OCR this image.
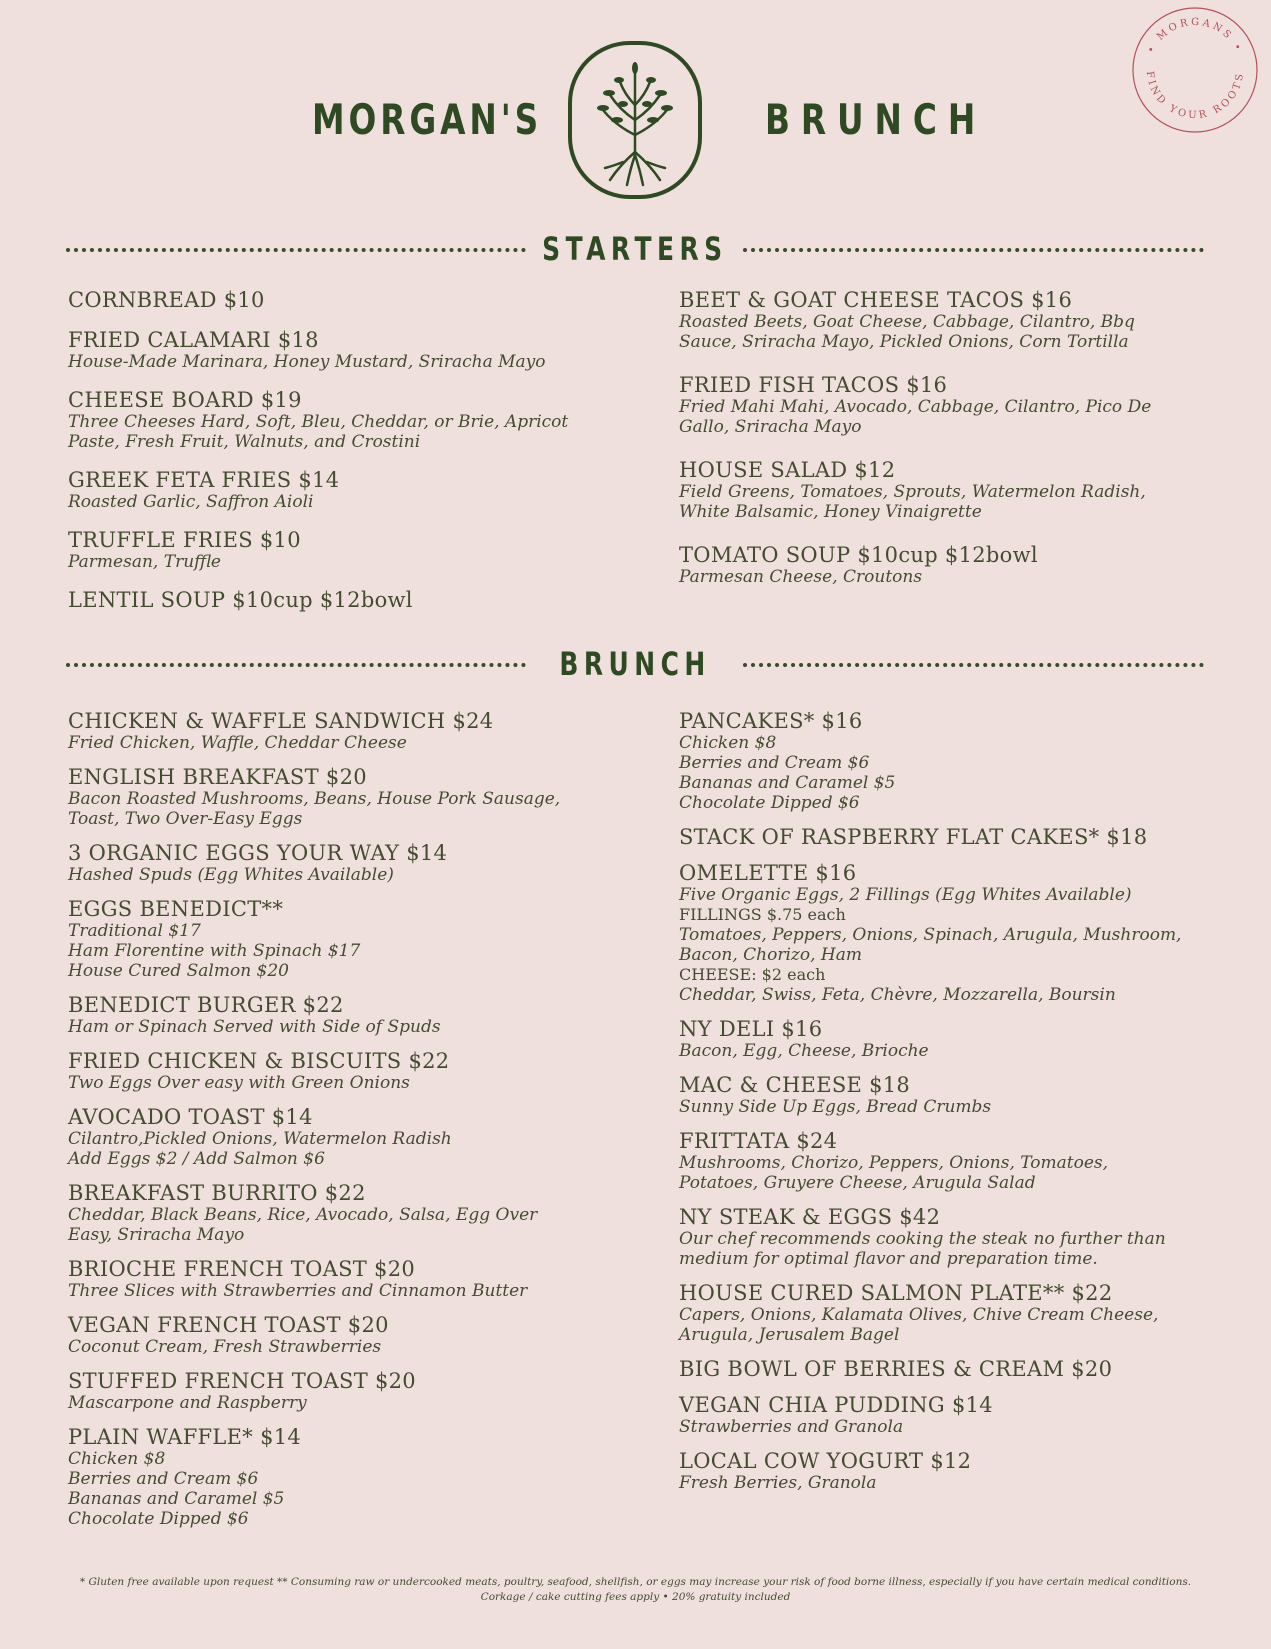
MORGAN'S	BRUNCH
• MORGANS •
FIND YOUR ROOTS
STARTERS
CORNBREAD $10
FRIED CALAMARI $18
House-Made Marinara, Honey Mustard, Sriracha Mayo
CHEESE BOARD $19
Three Cheeses Hard, Soft, Bleu, Cheddar, or Brie, Apricot
Paste, Fresh Fruit, Walnuts, and Crostini
GREEK FETA FRIES $14
Roasted Garlic, Saffron Aioli
TRUFFLE FRIES $10
Parmesan, Truffle
LENTIL SOUP $10cup $12bowl
BEET & GOAT CHEESE TACOS $16
Roasted Beets, Goat Cheese, Cabbage, Cilantro, Bbq
Sauce, Sriracha Mayo, Pickled Onions, Corn Tortilla
FRIED FISH TACOS $16
Fried Mahi Mahi, Avocado, Cabbage, Cilantro, Pico De
Gallo, Sriracha Mayo
HOUSE SALAD $12
Field Greens, Tomatoes, Sprouts, Watermelon Radish,
White Balsamic, Honey Vinaigrette
TOMATO SOUP $10cup $12bowl
Parmesan Cheese, Croutons
BRUNCH
CHICKEN & WAFFLE SANDWICH $24
Fried Chicken, Waffle, Cheddar Cheese
ENGLISH BREAKFAST $20
Bacon Roasted Mushrooms, Beans, House Pork Sausage,
Toast, Two Over-Easy Eggs
3 ORGANIC EGGS YOUR WAY $14
Hashed Spuds (Egg Whites Available)
EGGS BENEDICT**
Traditional $17
Ham Florentine with Spinach $17
House Cured Salmon $20
BENEDICT BURGER $22
Ham or Spinach Served with Side of Spuds
FRIED CHICKEN & BISCUITS $22
Two Eggs Over easy with Green Onions
AVOCADO TOAST $14
Cilantro,Pickled Onions, Watermelon Radish
Add Eggs $2 / Add Salmon $6
BREAKFAST BURRITO $22
Cheddar, Black Beans, Rice, Avocado, Salsa, Egg Over
Easy, Sriracha Mayo
BRIOCHE FRENCH TOAST $20
Three Slices with Strawberries and Cinnamon Butter
VEGAN FRENCH TOAST $20
Coconut Cream, Fresh Strawberries
STUFFED FRENCH TOAST $20
Mascarpone and Raspberry
PLAIN WAFFLE* $14
Chicken $8
Berries and Cream $6
Bananas and Caramel $5
Chocolate Dipped $6
PANCAKES* $16
Chicken $8
Berries and Cream $6
Bananas and Caramel $5
Chocolate Dipped $6
STACK OF RASPBERRY FLAT CAKES* $18
OMELETTE $16
Five Organic Eggs, 2 Fillings (Egg Whites Available)
FILLINGS $.75 each
Tomatoes, Peppers, Onions, Spinach, Arugula, Mushroom,
Bacon, Chorizo, Ham
CHEESE: $2 each
Cheddar, Swiss, Feta, Chèvre, Mozzarella, Boursin
NY DELI $16
Bacon, Egg, Cheese, Brioche
MAC & CHEESE $18
Sunny Side Up Eggs, Bread Crumbs
FRITTATA $24
Mushrooms, Chorizo, Peppers, Onions, Tomatoes,
Potatoes, Gruyere Cheese, Arugula Salad
NY STEAK & EGGS $42
Our chef recommends cooking the steak no further than
medium for optimal flavor and preparation time.
HOUSE CURED SALMON PLATE** $22
Capers, Onions, Kalamata Olives, Chive Cream Cheese,
Arugula, Jerusalem Bagel
BIG BOWL OF BERRIES & CREAM $20
VEGAN CHIA PUDDING $14
Strawberries and Granola
LOCAL COW YOGURT $12
Fresh Berries, Granola
* Gluten free available upon request ** Consuming raw or undercooked meats, poultry, seafood, shellfish, or eggs may increase your risk of food borne illness, especially if you have certain medical conditions.
Corkage / cake cutting fees apply • 20% gratuity included
